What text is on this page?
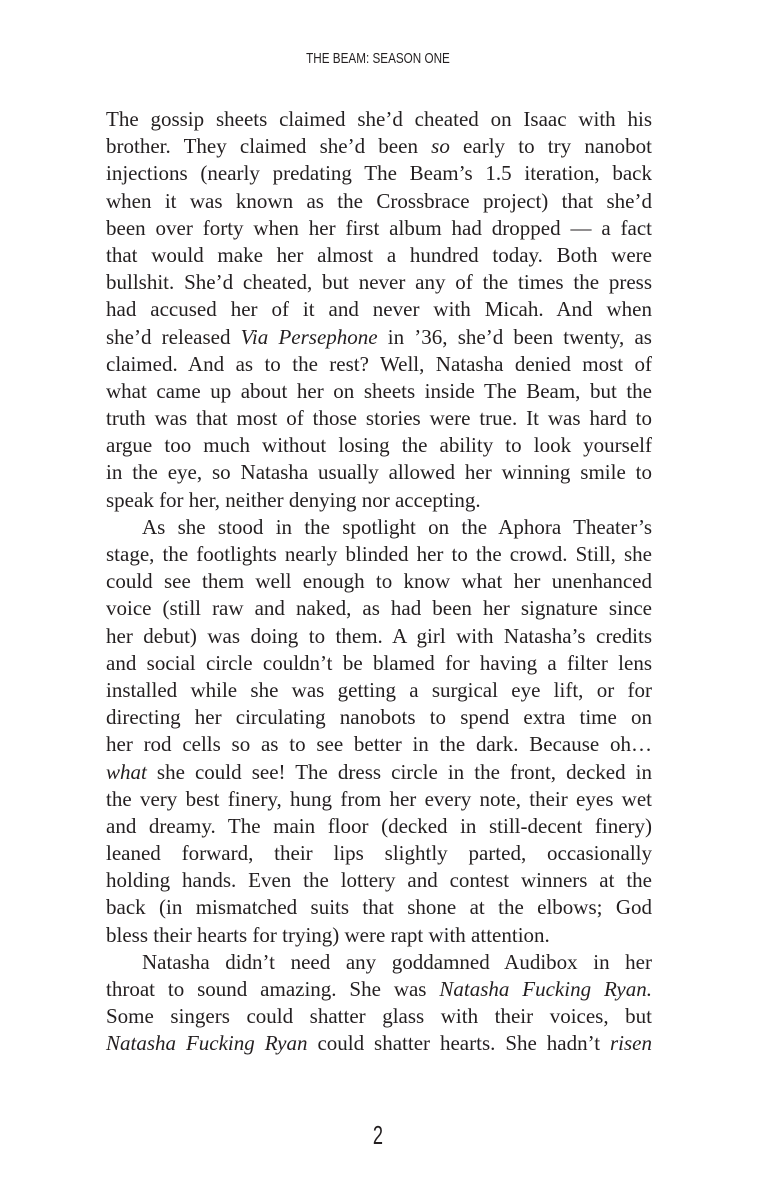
THE BEAM: SEASON ONE
The gossip sheets claimed she’d cheated on Isaac with his
brother. They claimed she’d been so early to try nanobot
injections (nearly predating The Beam’s 1.5 iteration, back
when it was known as the Crossbrace project) that she’d
been over forty when her first album had dropped — a fact
that would make her almost a hundred today. Both were
bullshit. She’d cheated, but never any of the times the press
had accused her of it and never with Micah. And when
she’d released Via Persephone in ’36, she’d been twenty, as
claimed. And as to the rest? Well, Natasha denied most of
what came up about her on sheets inside The Beam, but the
truth was that most of those stories were true. It was hard to
argue too much without losing the ability to look yourself
in the eye, so Natasha usually allowed her winning smile to
speak for her, neither denying nor accepting.
As she stood in the spotlight on the Aphora Theater’s
stage, the footlights nearly blinded her to the crowd. Still, she
could see them well enough to know what her unenhanced
voice (still raw and naked, as had been her signature since
her debut) was doing to them. A girl with Natasha’s credits
and social circle couldn’t be blamed for having a filter lens
installed while she was getting a surgical eye lift, or for
directing her circulating nanobots to spend extra time on
her rod cells so as to see better in the dark. Because oh…
what she could see! The dress circle in the front, decked in
the very best finery, hung from her every note, their eyes wet
and dreamy. The main floor (decked in still-decent finery)
leaned forward, their lips slightly parted, occasionally
holding hands. Even the lottery and contest winners at the
back (in mismatched suits that shone at the elbows; God
bless their hearts for trying) were rapt with attention.
Natasha didn’t need any goddamned Audibox in her
throat to sound amazing. She was Natasha Fucking Ryan.
Some singers could shatter glass with their voices, but
Natasha Fucking Ryan could shatter hearts. She hadn’t risen
2
